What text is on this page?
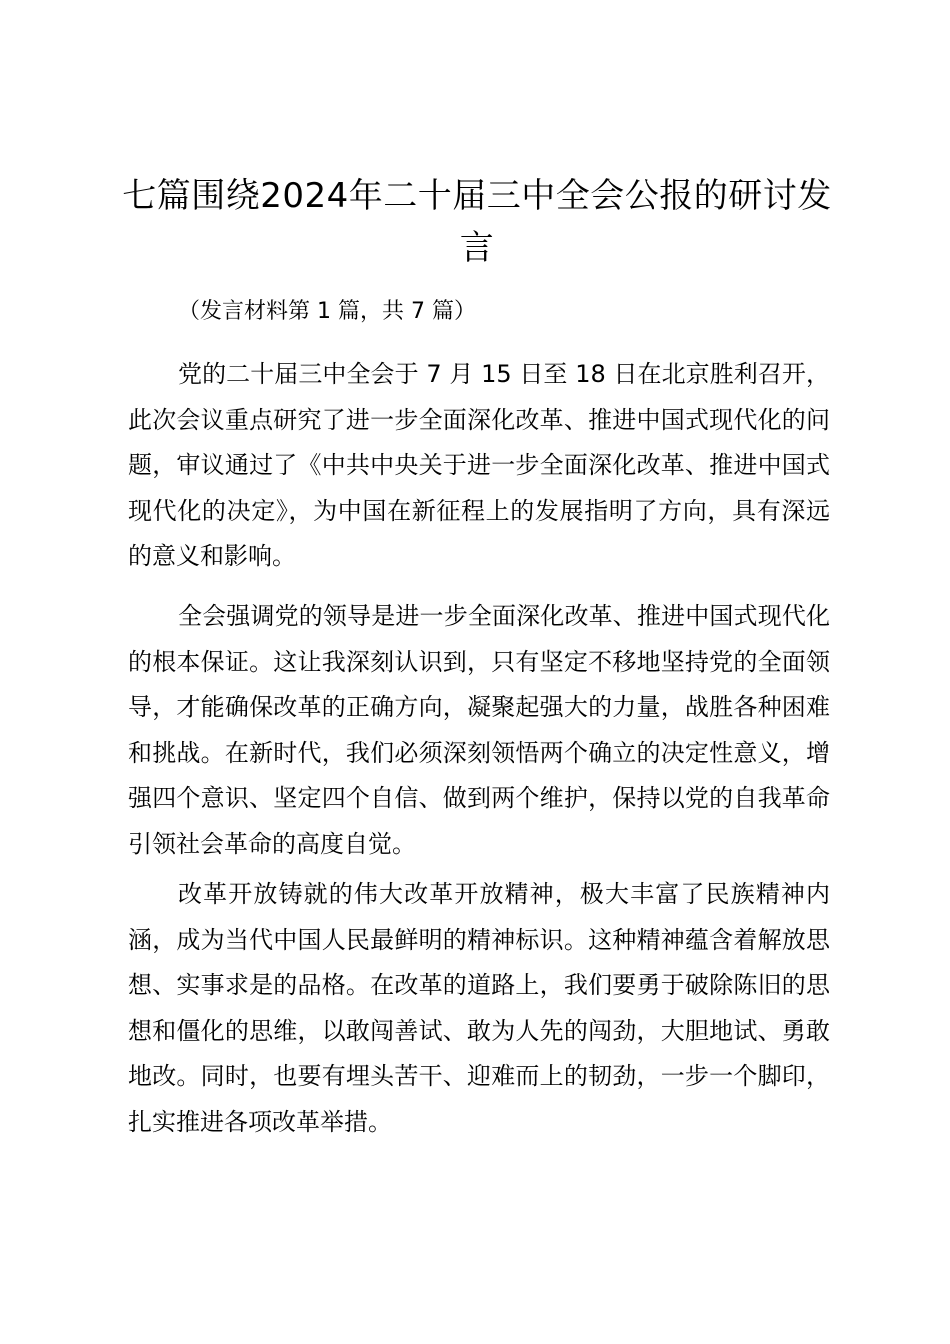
七篇围绕2024年二十届三中全会公报的研讨发言

（发言材料第 1 篇，共 7 篇）

党的二十届三中全会于 7 月 15 日至 18 日在北京胜利召开，此次会议重点研究了进一步全面深化改革、推进中国式现代化的问题，审议通过了《中共中央关于进一步全面深化改革、推进中国式现代化的决定》，为中国在新征程上的发展指明了方向，具有深远的意义和影响。

全会强调党的领导是进一步全面深化改革、推进中国式现代化的根本保证。这让我深刻认识到，只有坚定不移地坚持党的全面领导，才能确保改革的正确方向，凝聚起强大的力量，战胜各种困难和挑战。在新时代，我们必须深刻领悟两个确立的决定性意义，增强四个意识、坚定四个自信、做到两个维护，保持以党的自我革命引领社会革命的高度自觉。

改革开放铸就的伟大改革开放精神，极大丰富了民族精神内涵，成为当代中国人民最鲜明的精神标识。这种精神蕴含着解放思想、实事求是的品格。在改革的道路上，我们要勇于破除陈旧的思想和僵化的思维，以敢闯善试、敢为人先的闯劲，大胆地试、勇敢地改。同时，也要有埋头苦干、迎难而上的韧劲，一步一个脚印，扎实推进各项改革举措。
